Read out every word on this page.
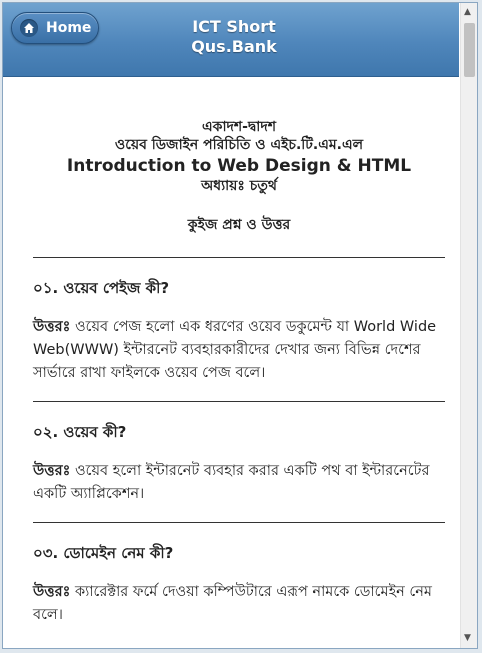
Home	ICT Short
Qus.Bank
▲
▼
একাদশ-দ্বাদশ
ওয়েব ডিজাইন পরিচিতি ও এইচ.টি.এম.এল
Introduction to Web Design & HTML
অধ্যায়ঃ চতুর্থ
কুইজ প্রশ্ন ও উত্তর

০১. ওয়েব পেইজ কী?

উত্তরঃ ওয়েব পেজ হলো এক ধরণের ওয়েব ডকুমেন্ট যা World Wide Web(WWW) ইন্টারনেট ব্যবহারকারীদের দেখার জন্য বিভিন্ন দেশের সার্ভারে রাখা ফাইলকে ওয়েব পেজ বলে।

০২. ওয়েব কী?

উত্তরঃ ওয়েব হলো ইন্টারনেট ব্যবহার করার একটি পথ বা ইন্টারনেটের একটি অ্যাপ্লিকেশন।

০৩. ডোমেইন নেম কী?

উত্তরঃ ক্যারেক্টার ফর্মে দেওয়া কম্পিউটারে এরূপ নামকে ডোমেইন নেম বলে।
